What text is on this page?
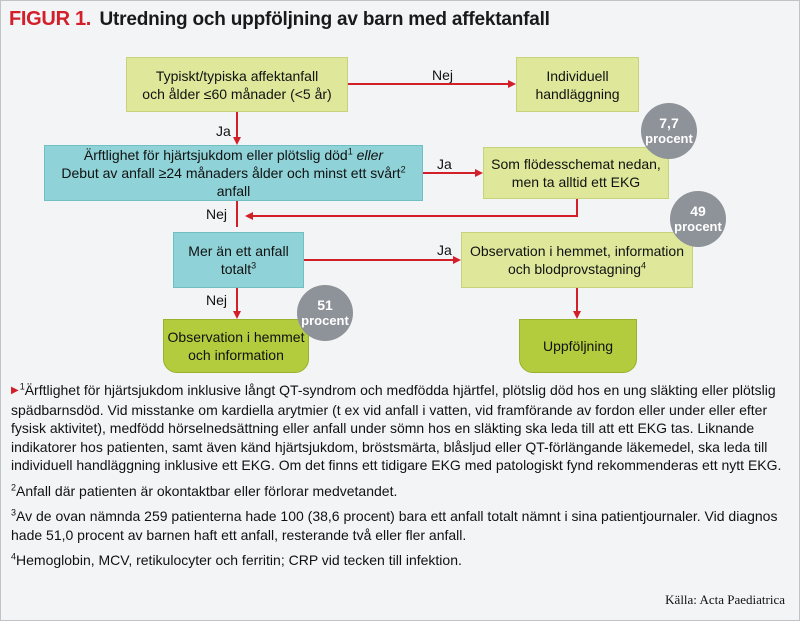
FIGUR 1. Utredning och uppföljning av barn med affektanfall
Typiskt/typiska affektanfall
och ålder ≤60 månader (<5 år)
Individuell
handläggning
Ärftlighet för hjärtsjukdom eller plötslig död$^1$ eller
Debut av anfall ≥24 månaders ålder och minst ett svårt$^2$ anfall
Som flödesschemat nedan,
men ta alltid ett EKG
Mer än ett anfall
totalt$^3$
Observation i hemmet, information
och blodprovstagning$^4$
Observation i hemmet
och information
Uppföljning
Nej
Ja
Ja
Nej
Ja
Nej
7,7
procent
49
procent
51
procent

▶$^1$Ärftlighet för hjärtsjukdom inklusive långt QT-syndrom och medfödda hjärtfel, plötslig död hos en ung släkting eller plötslig spädbarnsdöd. Vid misstanke om kardiella arytmier (t ex vid anfall i vatten, vid framförande av fordon eller under eller efter fysisk aktivitet), medfödd hörselnedsättning eller anfall under sömn hos en släkting ska leda till att ett EKG tas. Liknande indikatorer hos patienten, samt även känd hjärtsjukdom, bröstsmärta, blåsljud eller QT-förlängande läkemedel, ska leda till individuell handläggning inklusive ett EKG. Om det finns ett tidigare EKG med patologiskt fynd rekommenderas ett nytt EKG.

$^2$Anfall där patienten är okontaktbar eller förlorar medvetandet.

$^3$Av de ovan nämnda 259 patienterna hade 100 (38,6 procent) bara ett anfall totalt nämnt i sina patientjournaler. Vid diagnos hade 51,0 procent av barnen haft ett anfall, resterande två eller fler anfall.

$^4$Hemoglobin, MCV, retikulocyter och ferritin; CRP vid tecken till infektion.

Källa: Acta Paediatrica
